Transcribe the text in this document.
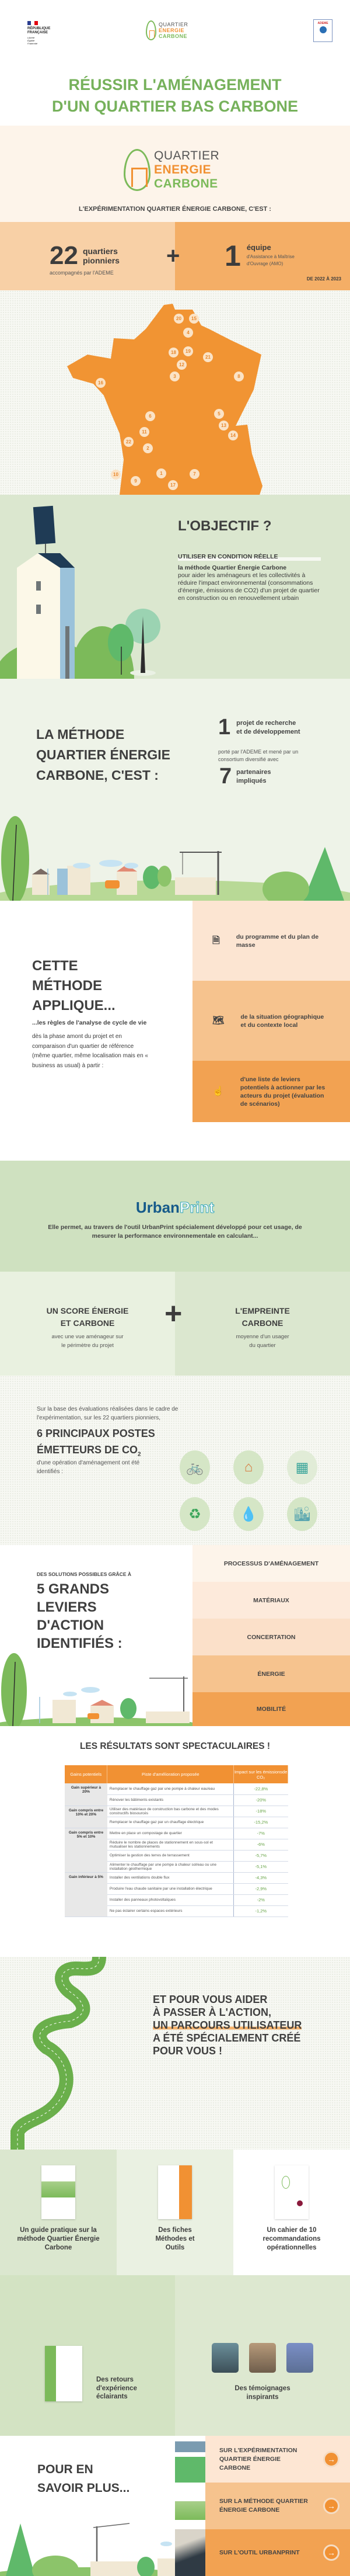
RÉPUBLIQUE
FRANÇAISE
Liberté
Égalité
Fraternité
QUARTIER
ENERGIE
CARBONE
ADEME
RÉUSSIR L'AMÉNAGEMENT
D'UN QUARTIER BAS CARBONE
QUARTIER
ENERGIE
CARBONE
L'EXPÉRIMENTATION QUARTIER ÉNERGIE CARBONE, C'EST :
22 quartiers
pionniers
accompagnés par l'ADEME
+ 1 équipe
d'Assistance à Maîtrise
d'Ouvrage (AMO)
DE 2022 À 2023
20	15
4
18	19
21
12
3	8
16
6	5
13
14
11
22
2
10
9
1	7
17
L'OBJECTIF ?
UTILISER EN CONDITION RÉELLE
la méthode Quartier Énergie Carbone
pour aider les aménageurs et les collectivités à réduire l'impact environnemental (consommations d'énergie, émissions de CO2) d'un projet de quartier en construction ou en renouvellement urbain
LA MÉTHODE
QUARTIER ÉNERGIE
CARBONE, C'EST :
1 projet de recherche
et de développement
porté par l'ADEME et mené par un consortium diversifié avec
7 partenaires
impliqués
CETTE
MÉTHODE
APPLIQUE...
...les règles de l'analyse de cycle de vie
dès la phase amont du projet et en comparaison d'un quartier de référence (même quartier, même localisation mais en « business as usual) à partir :
🗎	du programme et du plan de masse
🗺	de la situation géographique et du contexte local
☝
d'une liste de leviers potentiels à actionner par les acteurs du projet (évaluation de scénarios)
UrbanPrint
Elle permet, au travers de l'outil UrbanPrint spécialement développé pour cet usage, de mesurer la performance environnementale en calculant...
UN SCORE ÉNERGIE
ET CARBONE
avec une vue aménageur sur
le périmètre du projet
+	L'EMPREINTE
CARBONE
moyenne d'un usager
du quartier
Sur la base des évaluations réalisées dans le cadre de l'expérimentation, sur les 22 quartiers pionniers,
6 PRINCIPAUX POSTES
ÉMETTEURS DE $CO_2$
d'une opération d'aménagement ont été identifiés :	🚲	⌂	▦
♻	💧	🏙
DES SOLUTIONS POSSIBLES GRÂCE À
5 GRANDS
LEVIERS
D'ACTION
IDENTIFIÉS :
PROCESSUS D'AMÉNAGEMENT
MATÉRIAUX
CONCERTATION
ÉNERGIE
MOBILITÉ
LES RÉSULTATS SONT SPECTACULAIRES !
Gains potentiels	Piste d'amélioration proposée	Impact sur les émissionsde CO₂
Gain supérieur à 20%	Remplacer le chauffage gaz par une pompe à chaleur eau/eau	-22,8%
	Rénover les bâtiments existants	-20%
Gain compris entre 10% et 20%	Utiliser des matériaux de construction bas carbone et des modes constructifs biosourcés	-18%
	Remplacer le chauffage gaz par un chauffage électrique	-15,2%
Gain compris entre 5% et 10%	Mettre en place un compostage de quartier	-7%
	Réduire le nombre de places de stationnement en sous-sol et mutualiser les stationnements	-6%
	Optimiser la gestion des terres de terrassement	-5,7%
	Alimenter le chauffage par une pompe à chaleur sol/eau ou une installation géothermique	-5,1%
Gain inférieur à 5%	Installer des ventilations double flux	-4,3%
	Produire l'eau chaude sanitaire par une installation électrique	-2,9%
	Installer des panneaux photovoltaïques	-2%
	Ne pas éclairer certains espaces extérieurs	-1,2%
ET POUR VOUS AIDER
À PASSER À L'ACTION,
UN PARCOURS UTILISATEUR
A ÉTÉ SPÉCIALEMENT CRÉÉ
POUR VOUS !
Un guide pratique sur la méthode Quartier Énergie Carbone
Des fiches Méthodes et Outils
Un cahier de 10 recommandations opérationnelles
Des retours d'expérience éclairants
Des témoignages inspirants
POUR EN
SAVOIR PLUS...
SUR L'EXPÉRIMENTATION QUARTIER ÉNERGIE CARBONE
→
SUR LA MÉTHODE QUARTIER ÉNERGIE CARBONE	→
SUR L'OUTIL URBANPRINT	→
